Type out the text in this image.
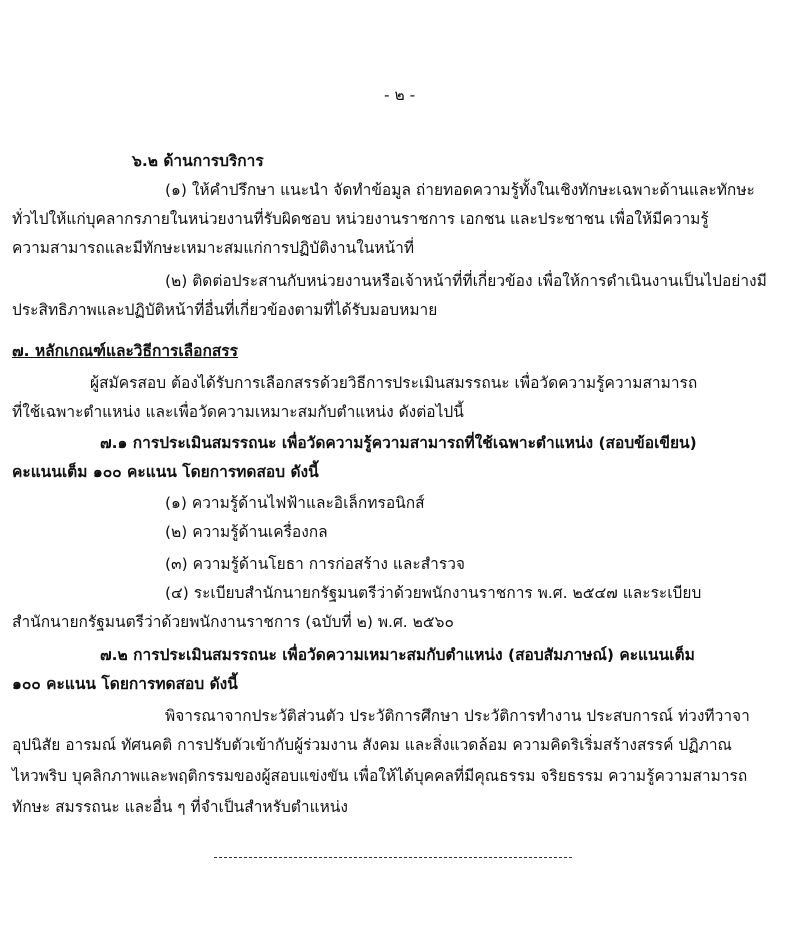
- ๒ -
๖.๒ ด้านการบริการ
(๑) ให้คำปรึกษา แนะนำ จัดทำข้อมูล ถ่ายทอดความรู้ทั้งในเชิงทักษะเฉพาะด้านและทักษะ
ทั่วไปให้แก่บุคลากรภายในหน่วยงานที่รับผิดชอบ หน่วยงานราชการ เอกชน และประชาชน เพื่อให้มีความรู้
ความสามารถและมีทักษะเหมาะสมแก่การปฏิบัติงานในหน้าที่
(๒) ติดต่อประสานกับหน่วยงานหรือเจ้าหน้าที่ที่เกี่ยวข้อง เพื่อให้การดำเนินงานเป็นไปอย่างมี
ประสิทธิภาพและปฏิบัติหน้าที่อื่นที่เกี่ยวข้องตามที่ได้รับมอบหมาย
๗. หลักเกณฑ์และวิธีการเลือกสรร
ผู้สมัครสอบ ต้องได้รับการเลือกสรรด้วยวิธีการประเมินสมรรถนะ เพื่อวัดความรู้ความสามารถ
ที่ใช้เฉพาะตำแหน่ง และเพื่อวัดความเหมาะสมกับตำแหน่ง ดังต่อไปนี้
๗.๑ การประเมินสมรรถนะ เพื่อวัดความรู้ความสามารถที่ใช้เฉพาะตำแหน่ง (สอบข้อเขียน)
คะแนนเต็ม ๑๐๐ คะแนน โดยการทดสอบ ดังนี้
(๑) ความรู้ด้านไฟฟ้าและอิเล็กทรอนิกส์
(๒) ความรู้ด้านเครื่องกล
(๓) ความรู้ด้านโยธา การก่อสร้าง และสำรวจ
(๔) ระเบียบสำนักนายกรัฐมนตรีว่าด้วยพนักงานราชการ พ.ศ. ๒๕๔๗ และระเบียบ
สำนักนายกรัฐมนตรีว่าด้วยพนักงานราชการ (ฉบับที่ ๒) พ.ศ. ๒๕๖๐
๗.๒ การประเมินสมรรถนะ เพื่อวัดความเหมาะสมกับตำแหน่ง (สอบสัมภาษณ์) คะแนนเต็ม
๑๐๐ คะแนน โดยการทดสอบ ดังนี้
พิจารณาจากประวัติส่วนตัว ประวัติการศึกษา ประวัติการทำงาน ประสบการณ์ ท่วงทีวาจา
อุปนิสัย อารมณ์ ทัศนคติ การปรับตัวเข้ากับผู้ร่วมงาน สังคม และสิ่งแวดล้อม ความคิดริเริ่มสร้างสรรค์ ปฏิภาณ
ไหวพริบ บุคลิกภาพและพฤติกรรมของผู้สอบแข่งขัน เพื่อให้ได้บุคคลที่มีคุณธรรม จริยธรรม ความรู้ความสามารถ
ทักษะ สมรรถนะ และอื่น ๆ ที่จำเป็นสำหรับตำแหน่ง
